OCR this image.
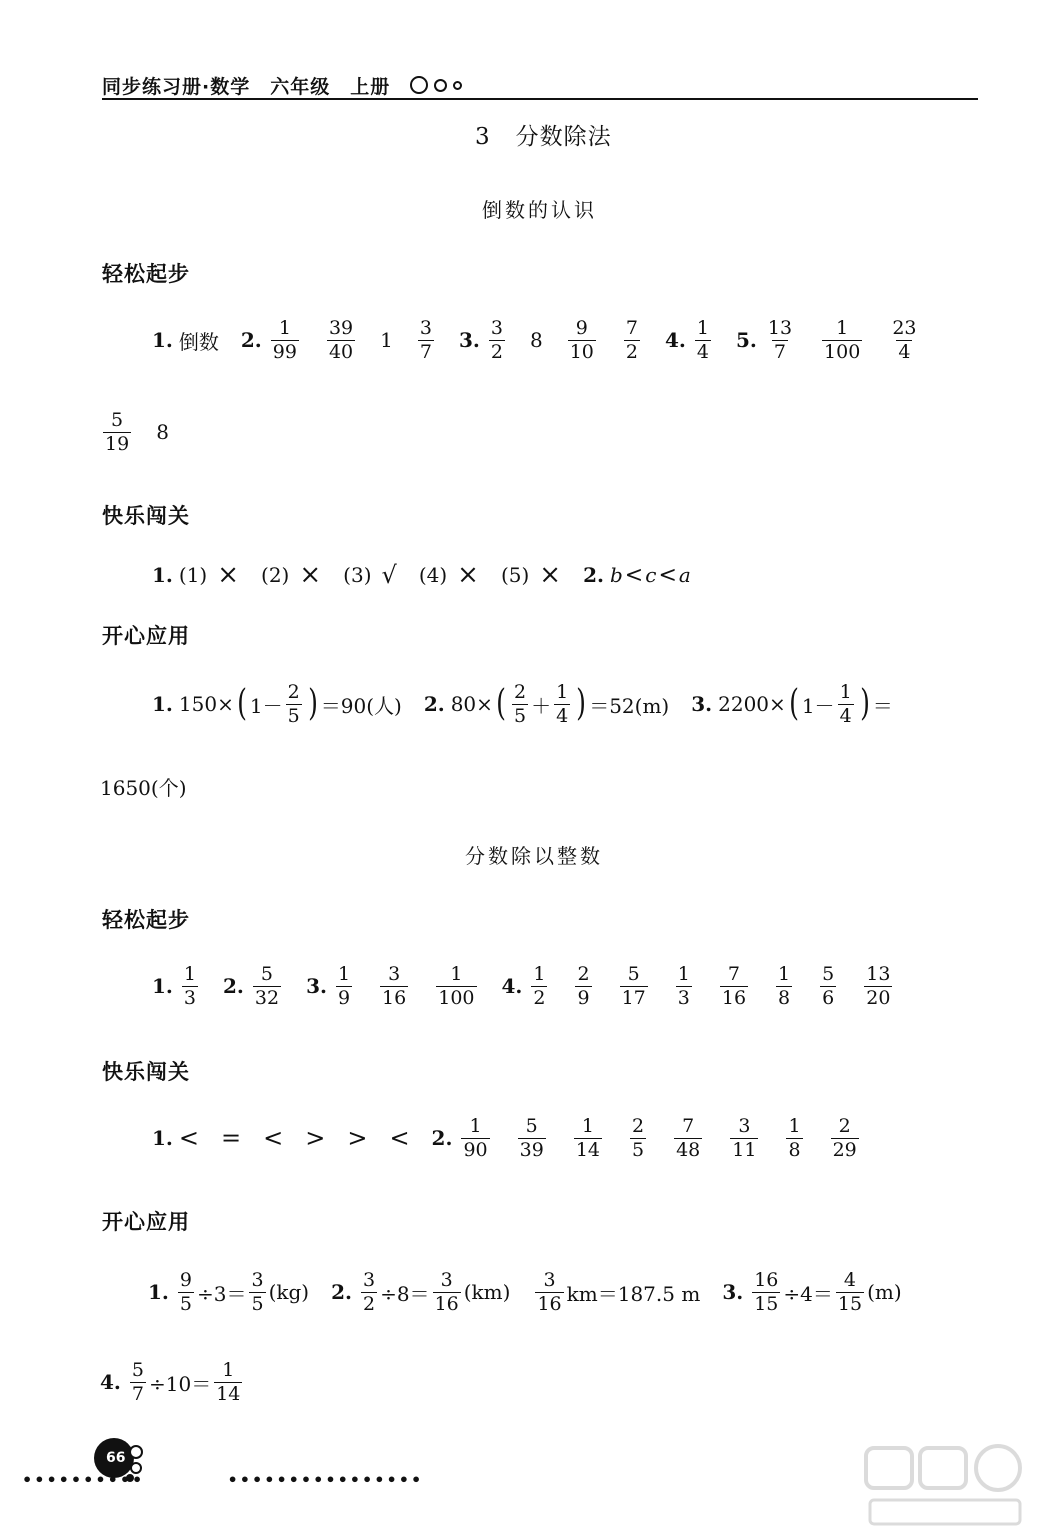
同步练习册·数学　六年级　上册
3 分数除法
倒数的认识
轻松起步
1. 倒数 2. $\frac{1}{99} \frac{39}{40} 1 \frac{3}{7} 3$. $\frac{3}{2} 8 \frac{9}{10} \frac{7}{2} 4$. $\frac{1}{4} 5$. $\frac{13}{7} \frac{1}{100} \frac{23}{4}$
$\frac{5}{19} 8$
快乐闯关
1. (1) × (2) × (3) √ (4) × (5) × 2. b < c < a
开心应用
1. 150× ( $1- \frac{2}{5}$ ) ＝90(人) 2. 80× ( $\frac{2}{5} + \frac{1}{4}$ ) ＝52(m) 3. 2200× ( $1- \frac{1}{4}$ ) ＝
1650(个)
分数除以整数
轻松起步
1. $\frac{1}{3} 2$. $\frac{5}{32} 3$. $\frac{1}{9} \frac{3}{16} \frac{1}{100} 4$. $\frac{1}{2} \frac{2}{9} \frac{5}{17} \frac{1}{3} \frac{7}{16} \frac{1}{8} \frac{5}{6} \frac{13}{20}$
快乐闯关
1. < = < > > < 2. $\frac{1}{90} \frac{5}{39} \frac{1}{14} \frac{2}{5} \frac{7}{48} \frac{3}{11} \frac{1}{8} \frac{2}{29}$
开心应用
1. $\frac{9}{5} \div 3= \frac{3}{5} (kg)$ 2. $\frac{3}{2} \div 8= \frac{3}{16} (km) \frac{3}{16} km=187.5$ m 3. $\frac{16}{15} \div 4= \frac{4}{15} (m)$
4. $\frac{5}{7} \div 10= \frac{1}{14}$
66
••••••••••           ••••••••••••••••
